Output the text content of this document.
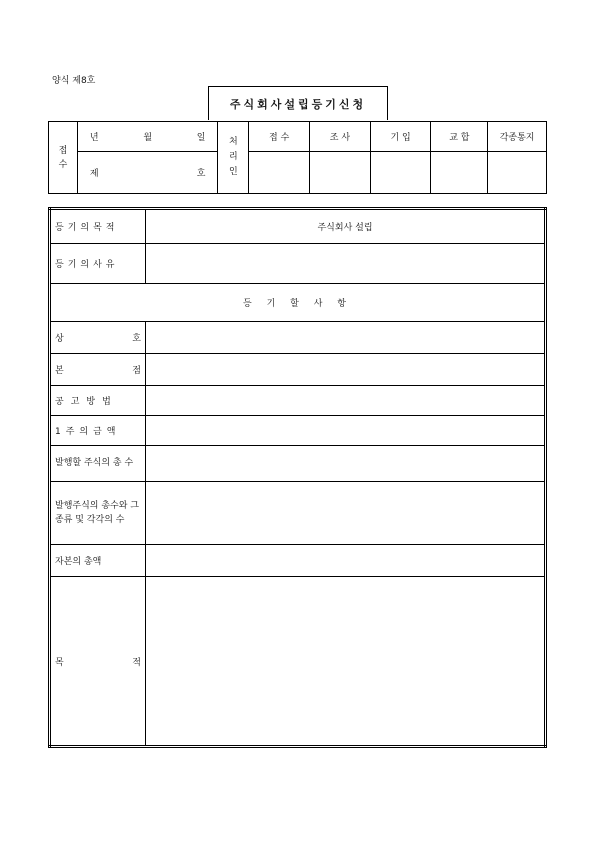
양식 제8호
주식회사설립등기신청
접수	년 월 일	처리인	접 수	조 사	기 입	교 합	각종통지

	제 호						

등기의목적	주식회사 설립
등기의사유	
등 기 할 사 항	

상 호	

본 점	

공고방법	
1주의금액	
발행할 주식의 총 수	
발행주식의 총수와 그 종류 및 각각의 수	
자본의 총액	

목 적	
